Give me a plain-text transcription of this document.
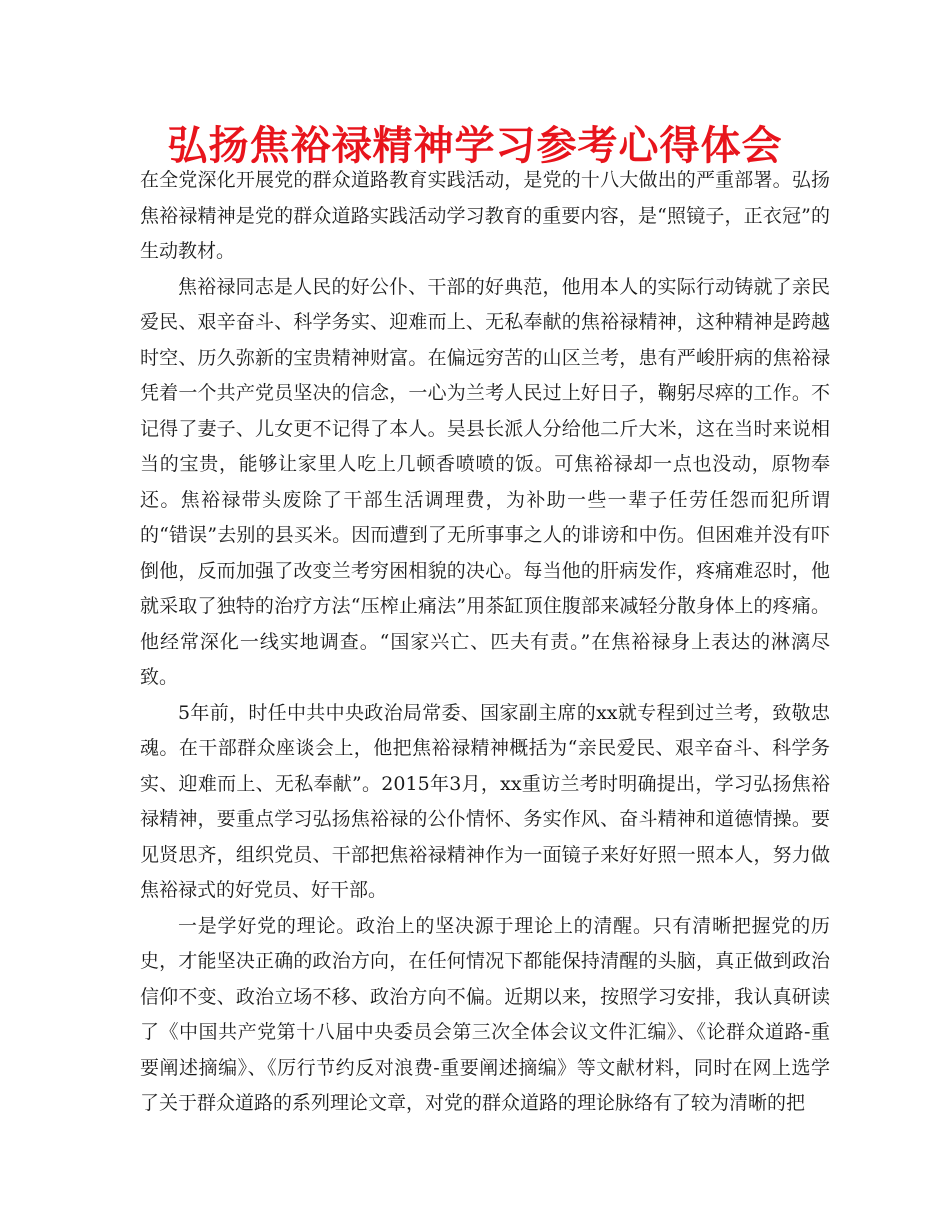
弘扬焦裕禄精神学习参考心得体会

在全党深化开展党的群众道路教育实践活动，是党的十八大做出的严重部署。弘扬焦裕禄精神是党的群众道路实践活动学习教育的重要内容，是“照镜子，正衣冠”的生动教材。

焦裕禄同志是人民的好公仆、干部的好典范，他用本人的实际行动铸就了亲民爱民、艰辛奋斗、科学务实、迎难而上、无私奉献的焦裕禄精神，这种精神是跨越时空、历久弥新的宝贵精神财富。在偏远穷苦的山区兰考，患有严峻肝病的焦裕禄凭着一个共产党员坚决的信念，一心为兰考人民过上好日子，鞠躬尽瘁的工作。不记得了妻子、儿女更不记得了本人。吴县长派人分给他二斤大米，这在当时来说相当的宝贵，能够让家里人吃上几顿香喷喷的饭。可焦裕禄却一点也没动，原物奉还。焦裕禄带头废除了干部生活调理费，为补助一些一辈子任劳任怨而犯所谓的“错误”去别的县买米。因而遭到了无所事事之人的诽谤和中伤。但困难并没有吓倒他，反而加强了改变兰考穷困相貌的决心。每当他的肝病发作，疼痛难忍时，他就采取了独特的治疗方法“压榨止痛法”用茶缸顶住腹部来减轻分散身体上的疼痛。他经常深化一线实地调查。“国家兴亡、匹夫有责。”在焦裕禄身上表达的淋漓尽致。

5年前，时任中共中央政治局常委、国家副主席的xx就专程到过兰考，致敬忠魂。在干部群众座谈会上，他把焦裕禄精神概括为“亲民爱民、艰辛奋斗、科学务实、迎难而上、无私奉献”。2015年3月，xx重访兰考时明确提出，学习弘扬焦裕禄精神，要重点学习弘扬焦裕禄的公仆情怀、务实作风、奋斗精神和道德情操。要见贤思齐，组织党员、干部把焦裕禄精神作为一面镜子来好好照一照本人，努力做焦裕禄式的好党员、好干部。

一是学好党的理论。政治上的坚决源于理论上的清醒。只有清晰把握党的历史，才能坚决正确的政治方向，在任何情况下都能保持清醒的头脑，真正做到政治信仰不变、政治立场不移、政治方向不偏。近期以来，按照学习安排，我认真研读了《中国共产党第十八届中央委员会第三次全体会议文件汇编》、《论群众道路-重要阐述摘编》、《厉行节约反对浪费-重要阐述摘编》等文献材料，同时在网上选学了关于群众道路的系列理论文章，对党的群众道路的理论脉络有了较为清晰的把
